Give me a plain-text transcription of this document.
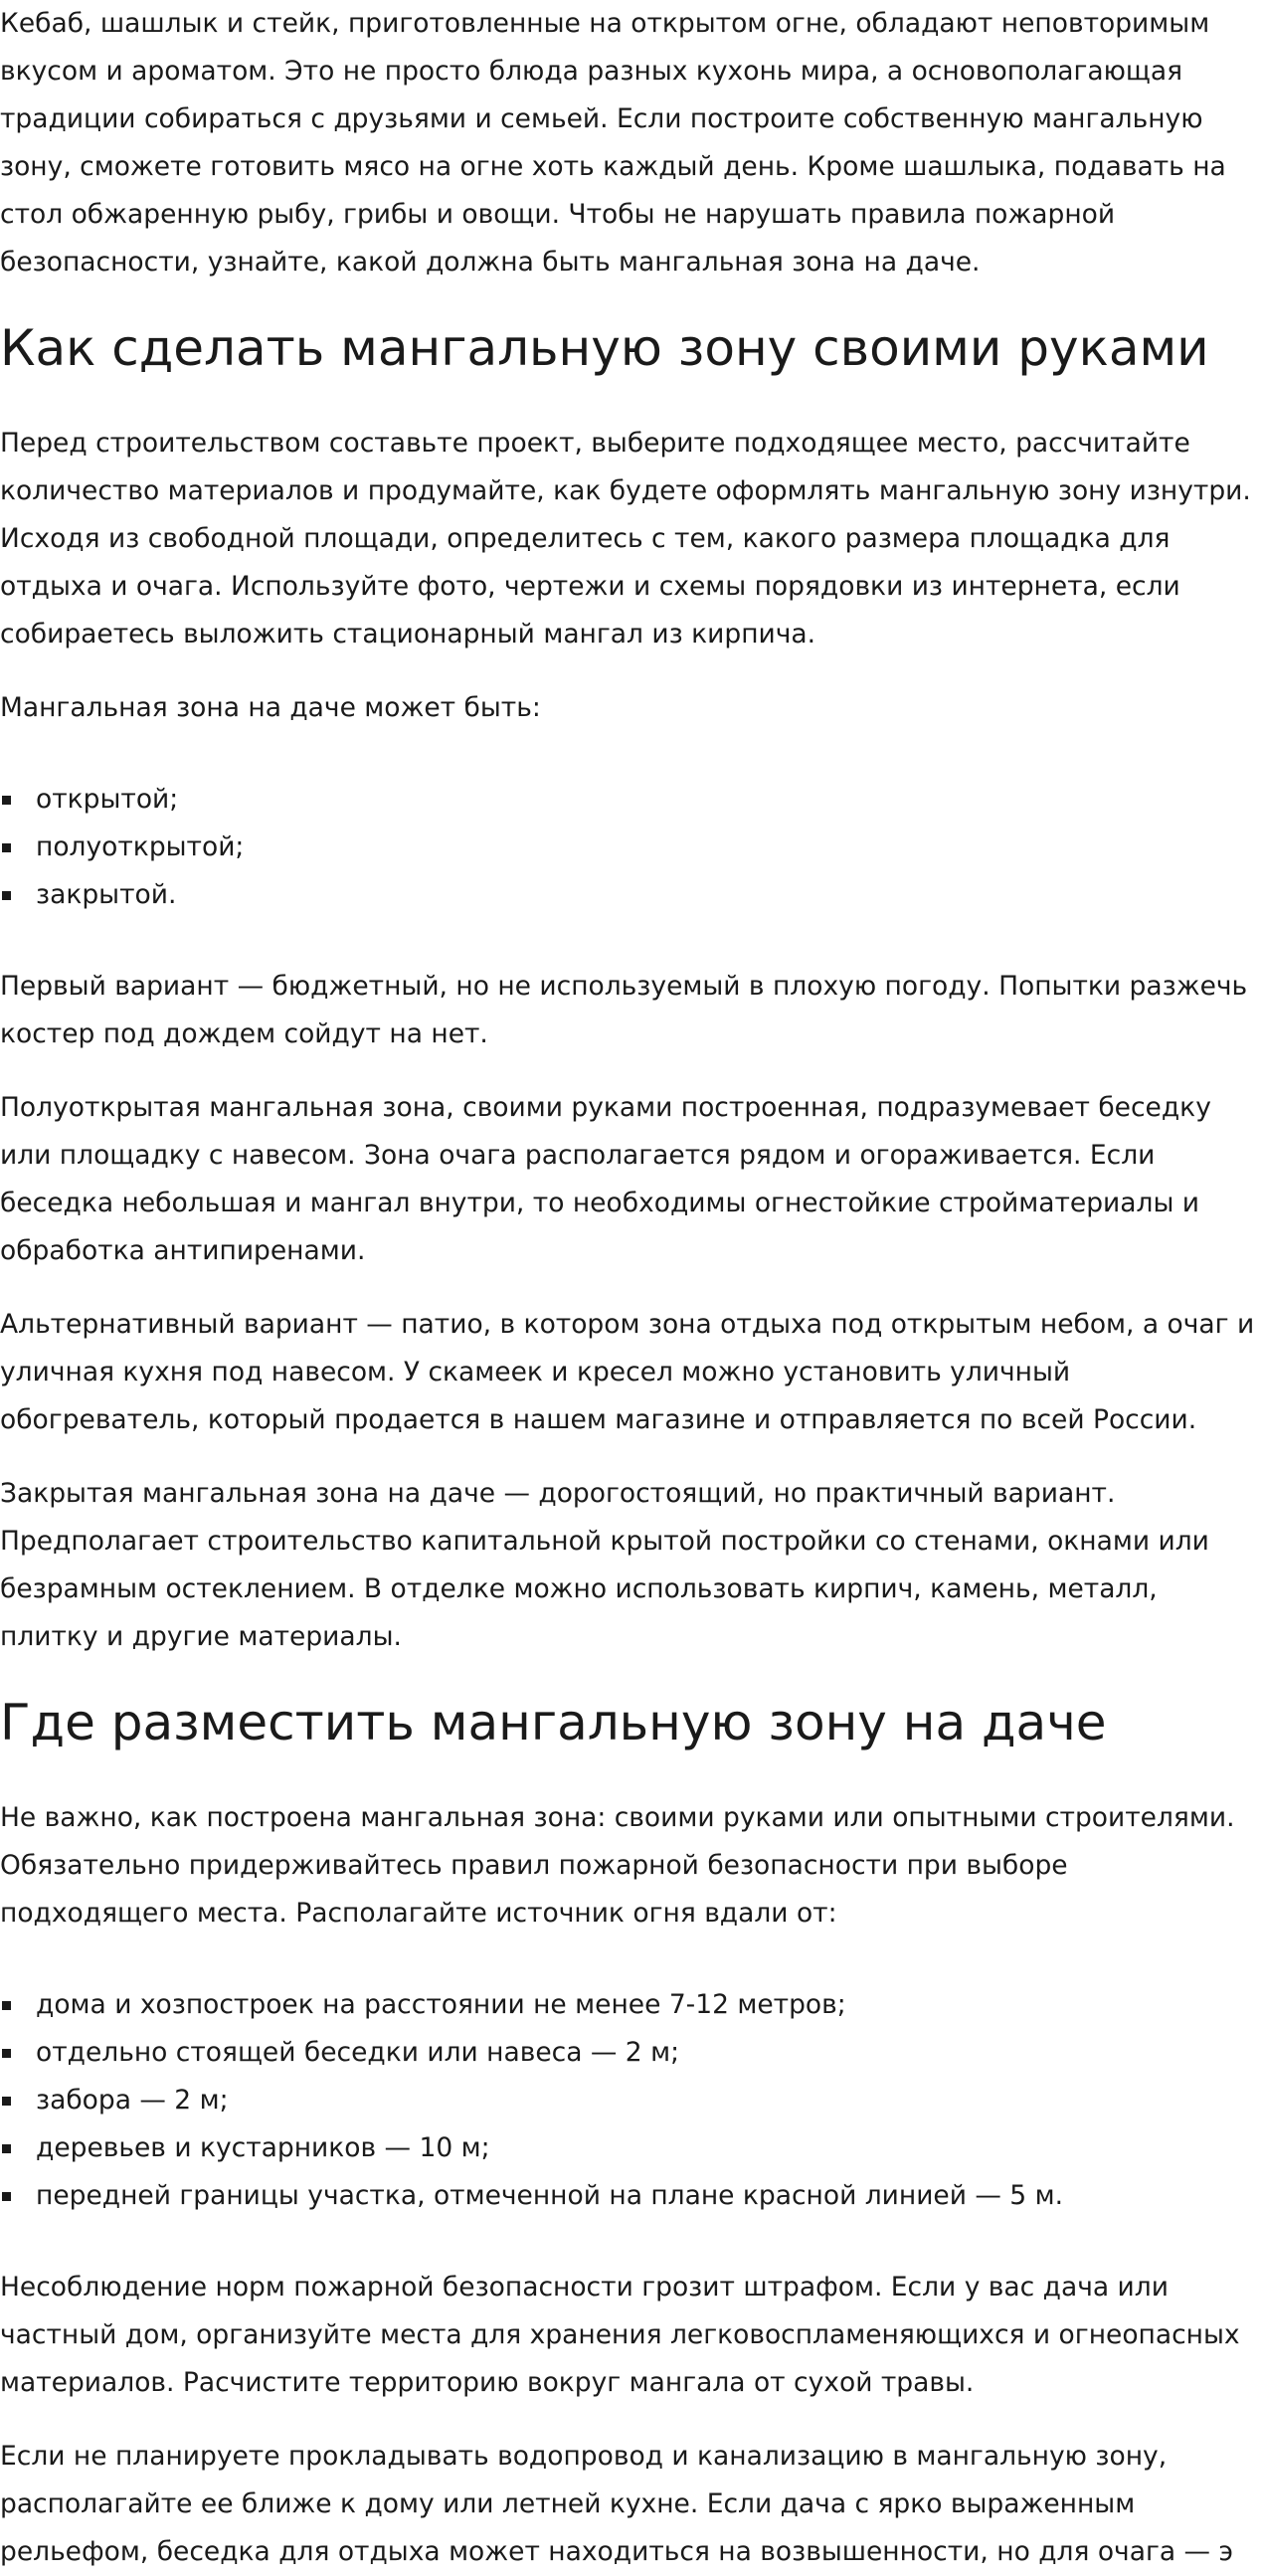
Кебаб, шашлык и стейк, приготовленные на открытом огне, обладают неповторимым вкусом и ароматом. Это не просто блюда разных кухонь мира, а основополагающая традиции собираться с друзьями и семьей. Если построите собственную мангальную зону, сможете готовить мясо на огне хоть каждый день. Кроме шашлыка, подавать на стол обжаренную рыбу, грибы и овощи. Чтобы не нарушать правила пожарной безопасности, узнайте, какой должна быть мангальная зона на даче.

Как сделать мангальную зону своими руками

Перед строительством составьте проект, выберите подходящее место, рассчитайте количество материалов и продумайте, как будете оформлять мангальную зону изнутри. Исходя из свободной площади, определитесь с тем, какого размера площадка для отдыха и очага. Используйте фото, чертежи и схемы порядовки из интернета, если собираетесь выложить стационарный мангал из кирпича.

Мангальная зона на даче может быть:

открытой;
полуоткрытой;
закрытой.

Первый вариант — бюджетный, но не используемый в плохую погоду. Попытки разжечь костер под дождем сойдут на нет.

Полуоткрытая мангальная зона, своими руками построенная, подразумевает беседку или площадку с навесом. Зона очага располагается рядом и огораживается. Если беседка небольшая и мангал внутри, то необходимы огнестойкие стройматериалы и обработка антипиренами.

Альтернативный вариант — патио, в котором зона отдыха под открытым небом, а очаг и уличная кухня под навесом. У скамеек и кресел можно установить уличный обогреватель, который продается в нашем магазине и отправляется по всей России.

Закрытая мангальная зона на даче — дорогостоящий, но практичный вариант. Предполагает строительство капитальной крытой постройки со стенами, окнами или безрамным остеклением. В отделке можно использовать кирпич, камень, металл, плитку и другие материалы.

Где разместить мангальную зону на даче

Не важно, как построена мангальная зона: своими руками или опытными строителями. Обязательно придерживайтесь правил пожарной безопасности при выборе подходящего места. Располагайте источник огня вдали от:

дома и хозпостроек на расстоянии не менее 7-12 метров;
отдельно стоящей беседки или навеса — 2 м;
забора — 2 м;
деревьев и кустарников — 10 м;
передней границы участка, отмеченной на плане красной линией — 5 м.

Несоблюдение норм пожарной безопасности грозит штрафом. Если у вас дача или частный дом, организуйте места для хранения легковоспламеняющихся и огнеопасных материалов. Расчистите территорию вокруг мангала от сухой травы.

Если не планируете прокладывать водопровод и канализацию в мангальную зону, располагайте ее ближе к дому или летней кухне. Если дача с ярко выраженным рельефом, беседка для отдыха может находиться на возвышенности, но для очага — э
